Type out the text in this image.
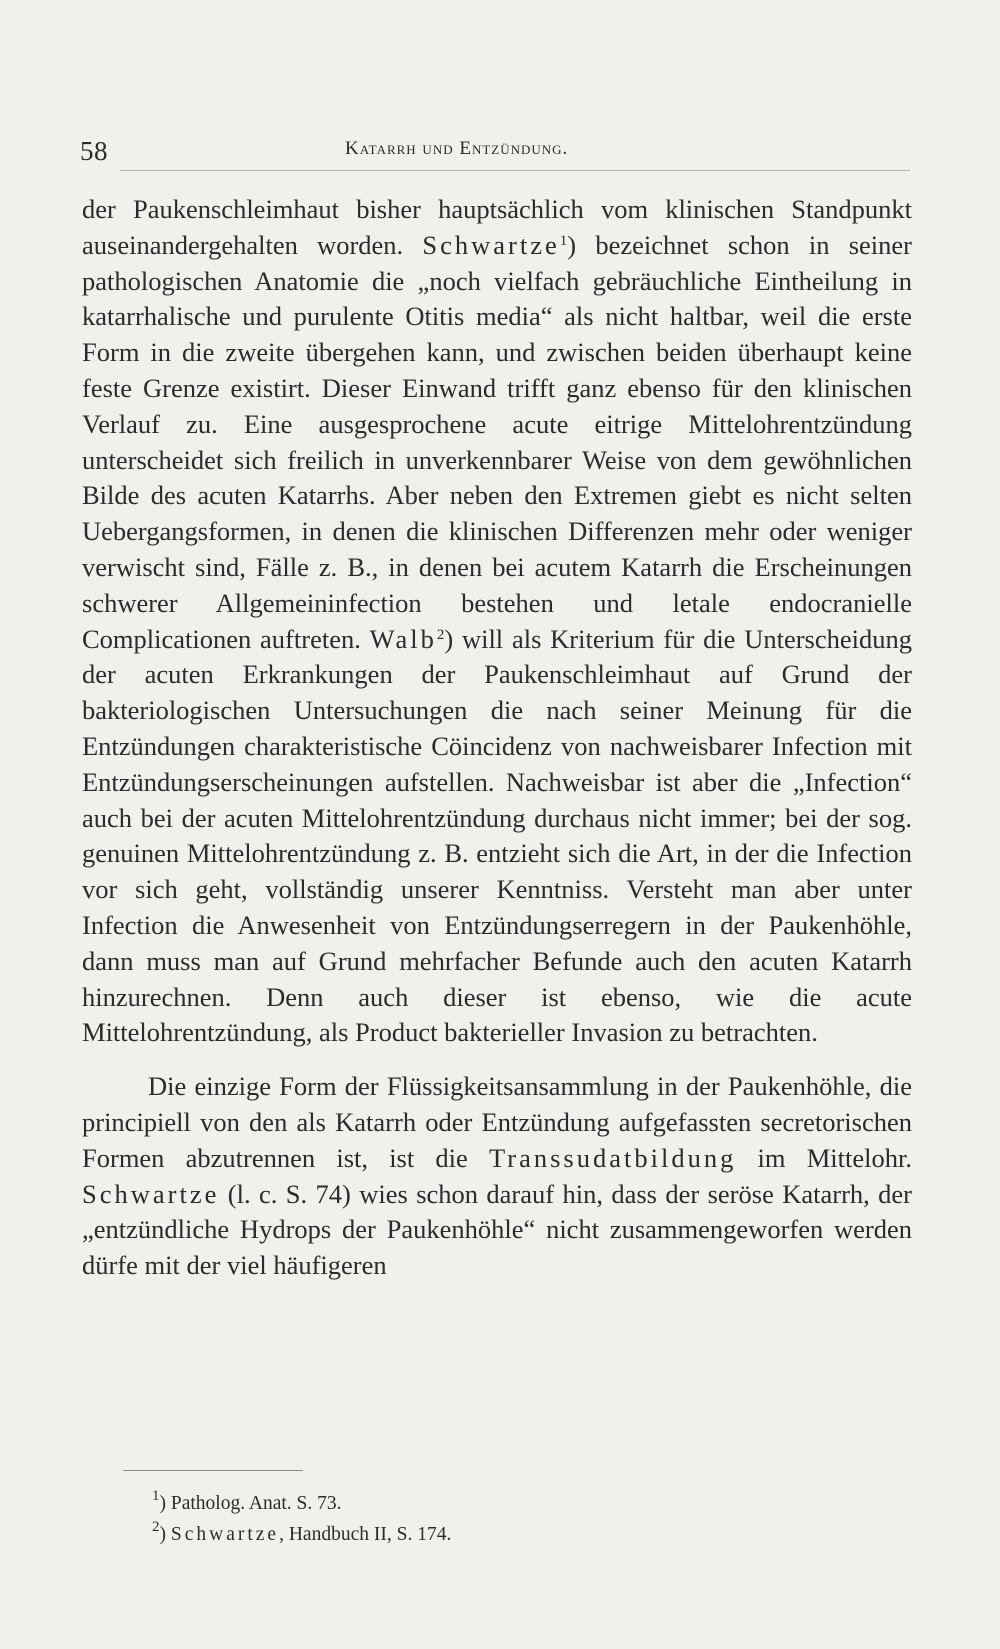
58	Katarrh und Entzündung.

der Paukenschleimhaut bisher hauptsächlich vom klinischen Standpunkt auseinandergehalten worden. Schwartze$^1$) bezeichnet schon in seiner pathologischen Anatomie die „noch vielfach gebräuchliche Eintheilung in katarrhalische und purulente Otitis media“ als nicht haltbar, weil die erste Form in die zweite übergehen kann, und zwischen beiden überhaupt keine feste Grenze existirt. Dieser Einwand trifft ganz ebenso für den klinischen Verlauf zu. Eine ausgesprochene acute eitrige Mittelohrentzündung unterscheidet sich freilich in unverkennbarer Weise von dem gewöhnlichen Bilde des acuten Katarrhs. Aber neben den Extremen giebt es nicht selten Uebergangsformen, in denen die klinischen Differenzen mehr oder weniger verwischt sind, Fälle z. B., in denen bei acutem Katarrh die Erscheinungen schwerer Allgemeininfection bestehen und letale endocranielle Complicationen auftreten. Walb$^2$) will als Kriterium für die Unterscheidung der acuten Erkrankungen der Paukenschleimhaut auf Grund der bakteriologischen Untersuchungen die nach seiner Meinung für die Entzündungen charakteristische Cöincidenz von nachweisbarer Infection mit Entzündungserscheinungen aufstellen. Nachweisbar ist aber die „Infection“ auch bei der acuten Mittelohrentzündung durchaus nicht immer; bei der sog. genuinen Mittelohrentzündung z. B. entzieht sich die Art, in der die Infection vor sich geht, vollständig unserer Kenntniss. Versteht man aber unter Infection die Anwesenheit von Entzündungserregern in der Paukenhöhle, dann muss man auf Grund mehrfacher Befunde auch den acuten Katarrh hinzurechnen. Denn auch dieser ist ebenso, wie die acute Mittelohrentzündung, als Product bakterieller Invasion zu betrachten.

Die einzige Form der Flüssigkeitsansammlung in der Paukenhöhle, die principiell von den als Katarrh oder Entzündung aufgefassten secretorischen Formen abzutrennen ist, ist die Transsudatbildung im Mittelohr. Schwartze (l. c. S. 74) wies schon darauf hin, dass der seröse Katarrh, der „entzündliche Hydrops der Paukenhöhle“ nicht zusammengeworfen werden dürfe mit der viel häufigeren

$^1$) Patholog. Anat. S. 73.
$^2$) Schwartze, Handbuch II, S. 174.
